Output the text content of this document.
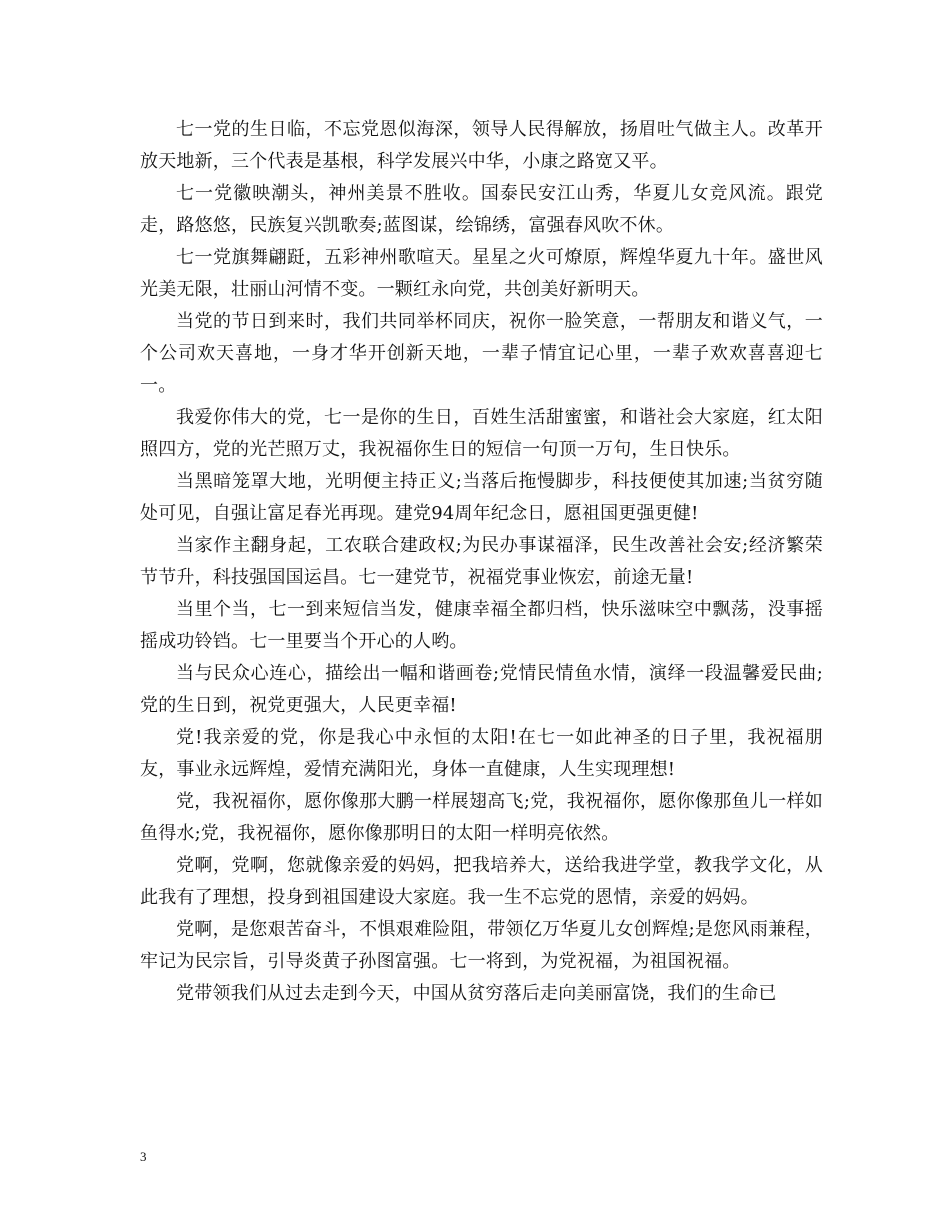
七一党的生日临，不忘党恩似海深，领导人民得解放，扬眉吐气做主人。改革开放天地新，三个代表是基根，科学发展兴中华，小康之路宽又平。

七一党徽映潮头，神州美景不胜收。国泰民安江山秀，华夏儿女竞风流。跟党走，路悠悠，民族复兴凯歌奏;蓝图谋，绘锦绣，富强春风吹不休。

七一党旗舞翩跹，五彩神州歌喧天。星星之火可燎原，辉煌华夏九十年。盛世风光美无限，壮丽山河情不变。一颗红永向党，共创美好新明天。

当党的节日到来时，我们共同举杯同庆，祝你一脸笑意，一帮朋友和谐义气，一个公司欢天喜地，一身才华开创新天地，一辈子情宜记心里，一辈子欢欢喜喜迎七一。

我爱你伟大的党，七一是你的生日，百姓生活甜蜜蜜，和谐社会大家庭，红太阳照四方，党的光芒照万丈，我祝福你生日的短信一句顶一万句，生日快乐。

当黑暗笼罩大地，光明便主持正义;当落后拖慢脚步，科技便使其加速;当贫穷随处可见，自强让富足春光再现。建党94周年纪念日，愿祖国更强更健!

当家作主翻身起，工农联合建政权;为民办事谋福泽，民生改善社会安;经济繁荣节节升，科技强国国运昌。七一建党节，祝福党事业恢宏，前途无量!

当里个当，七一到来短信当发，健康幸福全都归档，快乐滋味空中飘荡，没事摇摇成功铃铛。七一里要当个开心的人哟。

当与民众心连心，描绘出一幅和谐画卷;党情民情鱼水情，演绎一段温馨爱民曲;党的生日到，祝党更强大，人民更幸福!

党!我亲爱的党，你是我心中永恒的太阳!在七一如此神圣的日子里，我祝福朋友，事业永远辉煌，爱情充满阳光，身体一直健康，人生实现理想!

党，我祝福你，愿你像那大鹏一样展翅高飞;党，我祝福你，愿你像那鱼儿一样如鱼得水;党，我祝福你，愿你像那明日的太阳一样明亮依然。

党啊，党啊，您就像亲爱的妈妈，把我培养大，送给我进学堂，教我学文化，从此我有了理想，投身到祖国建设大家庭。我一生不忘党的恩情，亲爱的妈妈。

党啊，是您艰苦奋斗，不惧艰难险阻，带领亿万华夏儿女创辉煌;是您风雨兼程，牢记为民宗旨，引导炎黄子孙图富强。七一将到，为党祝福，为祖国祝福。

党带领我们从过去走到今天，中国从贫穷落后走向美丽富饶，我们的生命已

3
